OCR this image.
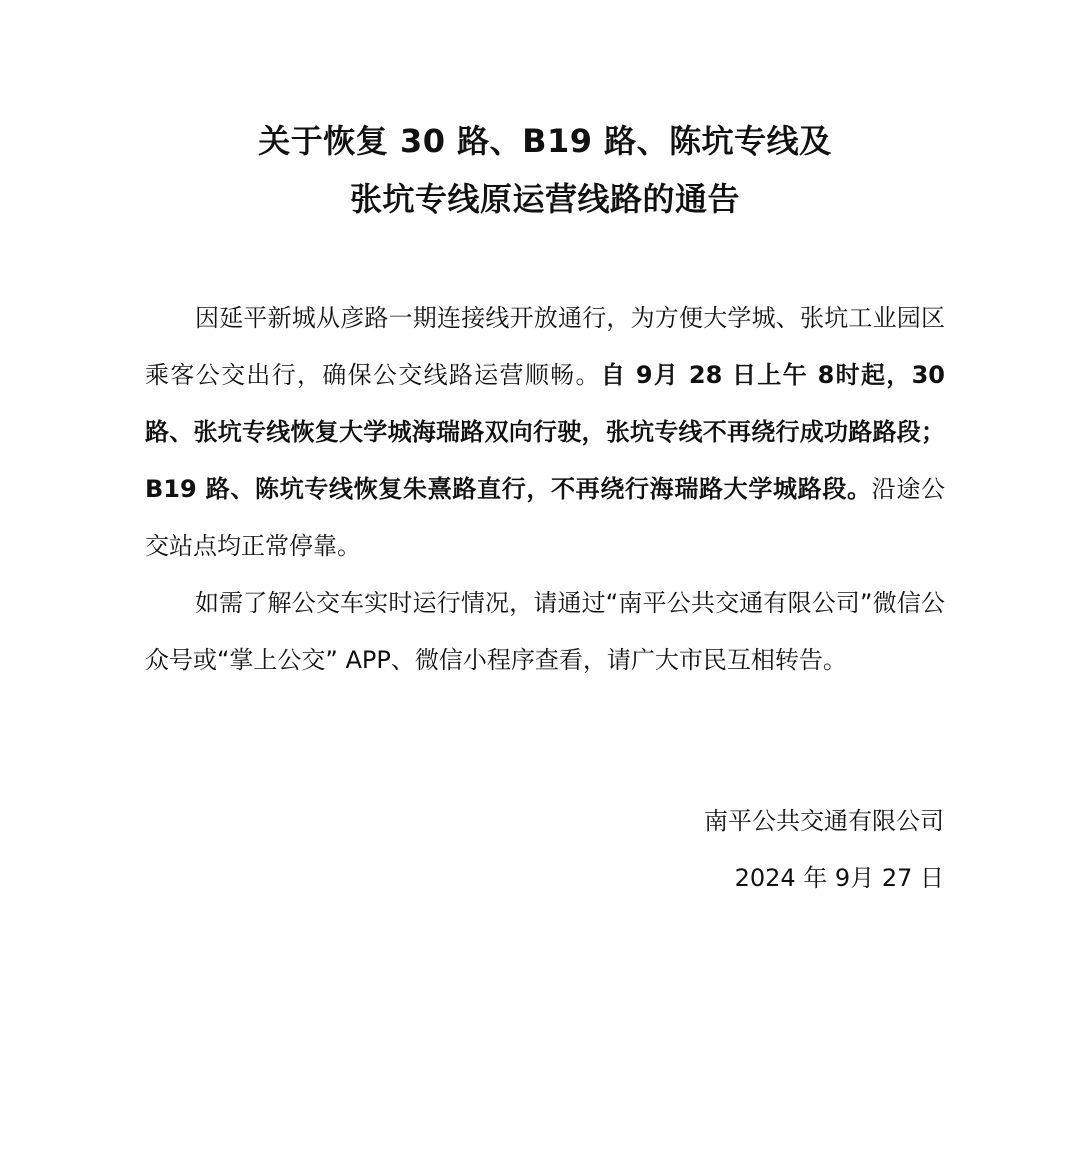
关于恢复 30 路、B19 路、陈坑专线及
张坑专线原运营线路的通告

因延平新城从彦路一期连接线开放通行，为方便大学城、张坑工业园区乘客公交出行，确保公交线路运营顺畅。自 9月 28 日上午 8时起，30 路、张坑专线恢复大学城海瑞路双向行驶，张坑专线不再绕行成功路路段；B19 路、陈坑专线恢复朱熹路直行，不再绕行海瑞路大学城路段。沿途公交站点均正常停靠。

如需了解公交车实时运行情况，请通过“南平公共交通有限公司”微信公众号或“掌上公交” APP、微信小程序查看，请广大市民互相转告。

南平公共交通有限公司
2024 年 9月 27 日
